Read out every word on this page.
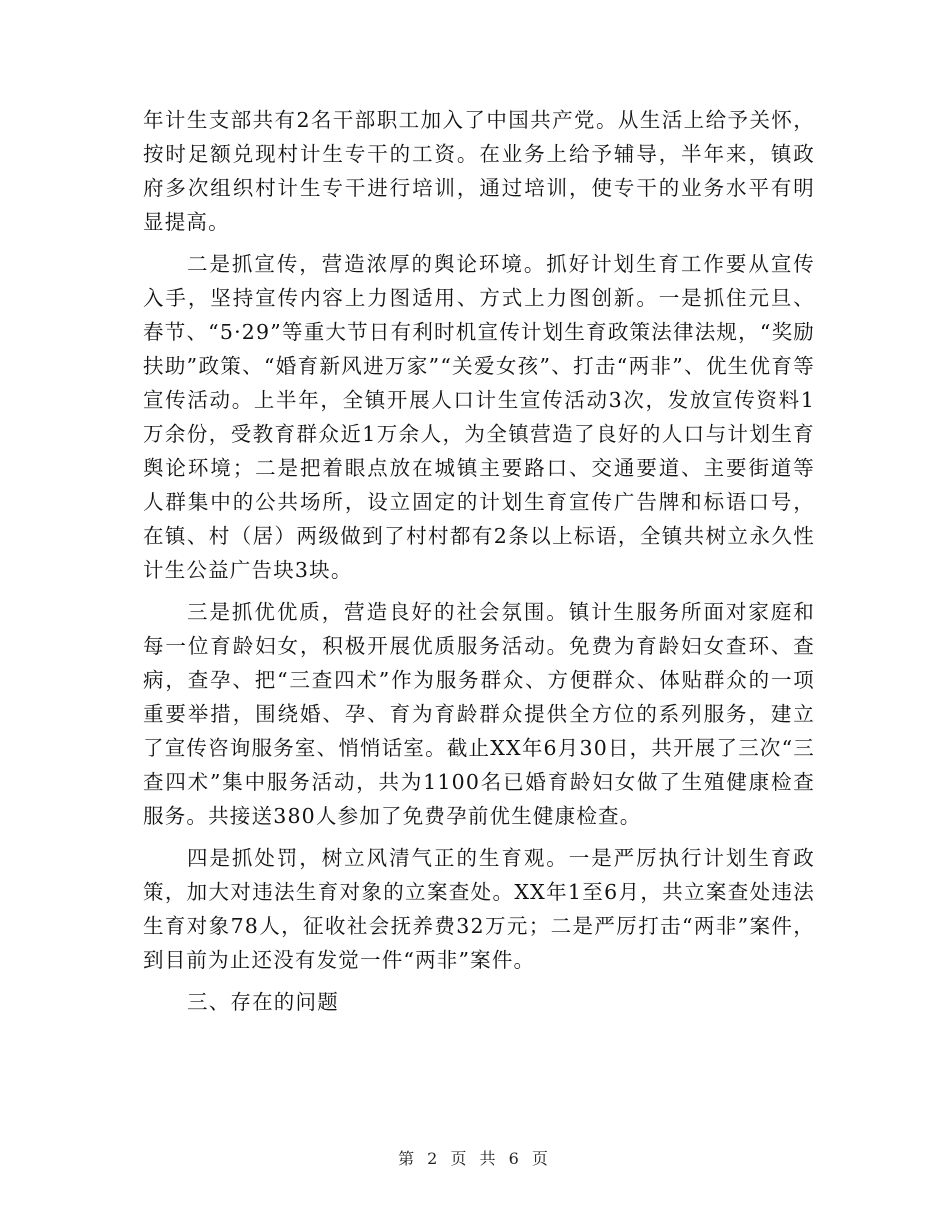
年计生支部共有2名干部职工加入了中国共产党。从生活上给予关怀，按时足额兑现村计生专干的工资。在业务上给予辅导，半年来，镇政府多次组织村计生专干进行培训，通过培训，使专干的业务水平有明显提高。

二是抓宣传，营造浓厚的舆论环境。抓好计划生育工作要从宣传入手，坚持宣传内容上力图适用、方式上力图创新。一是抓住元旦、春节、“5·29”等重大节日有利时机宣传计划生育政策法律法规，“奖励扶助”政策、“婚育新风进万家”“关爱女孩”、打击“两非”、优生优育等宣传活动。上半年，全镇开展人口计生宣传活动3次，发放宣传资料1万余份，受教育群众近1万余人，为全镇营造了良好的人口与计划生育舆论环境；二是把着眼点放在城镇主要路口、交通要道、主要街道等人群集中的公共场所，设立固定的计划生育宣传广告牌和标语口号，在镇、村（居）两级做到了村村都有2条以上标语，全镇共树立永久性计生公益广告块3块。

三是抓优优质，营造良好的社会氛围。镇计生服务所面对家庭和每一位育龄妇女，积极开展优质服务活动。免费为育龄妇女查环、查病，查孕、把“三查四术”作为服务群众、方便群众、体贴群众的一项重要举措，围绕婚、孕、育为育龄群众提供全方位的系列服务，建立了宣传咨询服务室、悄悄话室。截止XX年6月30日，共开展了三次“三查四术”集中服务活动，共为1100名已婚育龄妇女做了生殖健康检查服务。共接送380人参加了免费孕前优生健康检查。

四是抓处罚，树立风清气正的生育观。一是严厉执行计划生育政策，加大对违法生育对象的立案查处。XX年1至6月，共立案查处违法生育对象78人，征收社会抚养费32万元；二是严厉打击“两非”案件，到目前为止还没有发觉一件“两非”案件。

三、存在的问题

第 2 页 共 6 页
